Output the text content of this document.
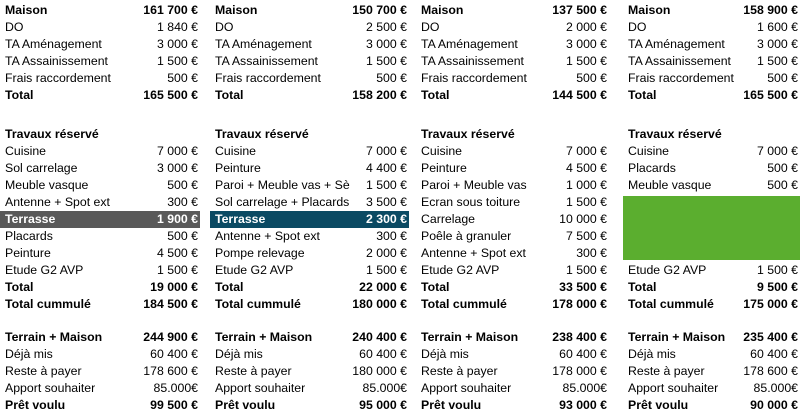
Maison	161 700 €
DO	1 840 €
TA Aménagement	3 000 €
TA Assainissement	1 500 €
Frais raccordement	500 €
Total	165 500 €
Travaux réservé
Cuisine	7 000 €
Sol carrelage	3 000 €
Meuble vasque	500 €
Antenne + Spot ext	300 €
Terrasse	1 900 €
Placards	500 €
Peinture	4 500 €
Etude G2 AVP	1 500 €
Total	19 000 €
Total cummulé	184 500 €
Terrain + Maison	244 900 €
Déjà mis	60 400 €
Reste à payer	178 600 €
Apport souhaiter	85.000€
Prêt voulu	99 500 €
Maison	150 700 €
DO	2 500 €
TA Aménagement	3 000 €
TA Assainissement	1 500 €
Frais raccordement	500 €
Total	158 200 €
Travaux réservé
Cuisine	7 000 €
Peinture	4 400 €
Paroi + Meuble vas + Sè 1 500 €
Sol carrelage + Placards 3 500 €
Terrasse	2 300 €
Antenne + Spot ext	300 €
Pompe relevage	2 000 €
Etude G2 AVP	1 500 €
Total	22 000 €
Total cummulé	180 000 €
Terrain + Maison	240 400 €
Déjà mis	60 400 €
Reste à payer	180 000 €
Apport souhaiter	85.000€
Prêt voulu	95 000 €
Maison	137 500 €
DO	2 000 €
TA Aménagement	3 000 €
TA Assainissement	1 500 €
Frais raccordement	500 €
Total	144 500 €
Travaux réservé
Cuisine	7 000 €
Peinture	4 500 €
Paroi + Meuble vas	1 000 €
Ecran sous toiture	1 500 €
Carrelage	10 000 €
Poêle à granuler	7 500 €
Antenne + Spot ext	300 €
Etude G2 AVP	1 500 €
Total	33 500 €
Total cummulé	178 000 €
Terrain + Maison	238 400 €
Déjà mis	60 400 €
Reste à payer	178 000 €
Apport souhaiter	85.000€
Prêt voulu	93 000 €
Maison	158 900 €
DO	1 600 €
TA Aménagement	3 000 €
TA Assainissement 1 500 €
Frais raccordement	500 €
Total	165 500 €
Travaux réservé
Cuisine	7 000 €
Placards	500 €
Meuble vasque	500 €
Etude G2 AVP	1 500 €
Total	9 500 €
Total cummulé 175 000 €
Terrain + Maison 235 400 €
Déjà mis	60 400 €
Reste à payer	178 600 €
Apport souhaiter	85.000€
Prêt voulu	90 000 €
